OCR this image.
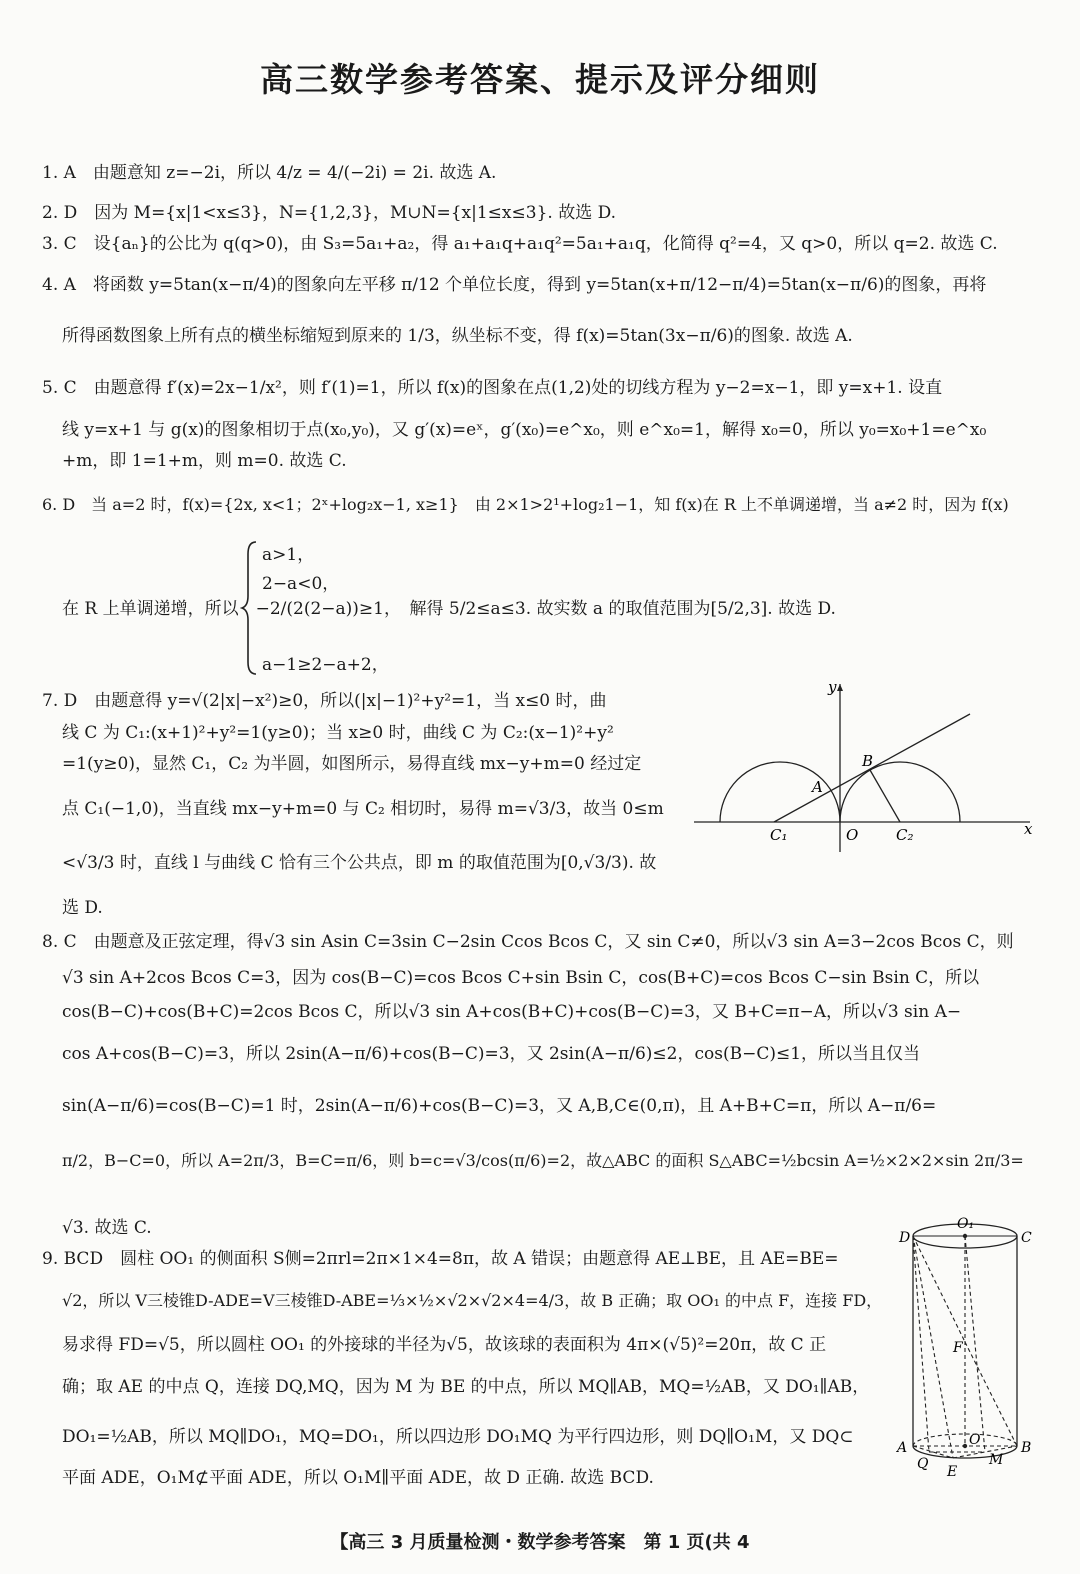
高三数学参考答案、提示及评分细则
1. A　由题意知 z=−2i，所以 4/z = 4/(−2i) = 2i. 故选 A.
2. D　因为 M={x|1<x≤3}，N={1,2,3}，M∪N={x|1≤x≤3}. 故选 D.
3. C　设{aₙ}的公比为 q(q>0)，由 S₃=5a₁+a₂，得 a₁+a₁q+a₁q²=5a₁+a₁q，化简得 q²=4，又 q>0，所以 q=2. 故选 C.
4. A　将函数 y=5tan(x−π/4)的图象向左平移 π/12 个单位长度，得到 y=5tan(x+π/12−π/4)=5tan(x−π/6)的图象，再将
所得函数图象上所有点的横坐标缩短到原来的 1/3，纵坐标不变，得 f(x)=5tan(3x−π/6)的图象. 故选 A.
5. C　由题意得 f′(x)=2x−1/x²，则 f′(1)=1，所以 f(x)的图象在点(1,2)处的切线方程为 y−2=x−1，即 y=x+1. 设直
线 y=x+1 与 g(x)的图象相切于点(x₀,y₀)，又 g′(x)=eˣ，g′(x₀)=e^x₀，则 e^x₀=1，解得 x₀=0，所以 y₀=x₀+1=e^x₀
+m，即 1=1+m，则 m=0. 故选 C.
6. D　当 a=2 时，f(x)={2x, x<1；2ˣ+log₂x−1, x≥1}　由 2×1>2¹+log₂1−1，知 f(x)在 R 上不单调递增，当 a≠2 时，因为 f(x)
a>1，
2−a<0，
在 R 上单调递增，所以　−2/(2(2−a))≥1，　解得 5/2≤a≤3. 故实数 a 的取值范围为[5/2,3]. 故选 D.
a−1≥2−a+2，
7. D　由题意得 y=√(2|x|−x²)≥0，所以(|x|−1)²+y²=1，当 x≤0 时，曲
线 C 为 C₁:(x+1)²+y²=1(y≥0)；当 x≥0 时，曲线 C 为 C₂:(x−1)²+y²
=1(y≥0)，显然 C₁，C₂ 为半圆，如图所示，易得直线 mx−y+m=0 经过定
点 C₁(−1,0)，当直线 mx−y+m=0 与 C₂ 相切时，易得 m=√3/3，故当 0≤m
<√3/3 时，直线 l 与曲线 C 恰有三个公共点，即 m 的取值范围为[0,√3/3). 故
选 D.
y
x
O
A
B
C₁	C₂
8. C　由题意及正弦定理，得√3 sin Asin C=3sin C−2sin Ccos Bcos C，又 sin C≠0，所以√3 sin A=3−2cos Bcos C，则
√3 sin A+2cos Bcos C=3，因为 cos(B−C)=cos Bcos C+sin Bsin C，cos(B+C)=cos Bcos C−sin Bsin C，所以
cos(B−C)+cos(B+C)=2cos Bcos C，所以√3 sin A+cos(B+C)+cos(B−C)=3，又 B+C=π−A，所以√3 sin A−
cos A+cos(B−C)=3，所以 2sin(A−π/6)+cos(B−C)=3，又 2sin(A−π/6)≤2，cos(B−C)≤1，所以当且仅当
sin(A−π/6)=cos(B−C)=1 时，2sin(A−π/6)+cos(B−C)=3，又 A,B,C∈(0,π)，且 A+B+C=π，所以 A−π/6=
π/2，B−C=0，所以 A=2π/3，B=C=π/6，则 b=c=√3/cos(π/6)=2，故△ABC 的面积 S△ABC=½bcsin A=½×2×2×sin 2π/3=
√3. 故选 C.
9. BCD　圆柱 OO₁ 的侧面积 S侧=2πrl=2π×1×4=8π，故 A 错误；由题意得 AE⊥BE，且 AE=BE=
√2，所以 V三棱锥D-ADE=V三棱锥D-ABE=⅓×½×√2×√2×4=4/3，故 B 正确；取 OO₁ 的中点 F，连接 FD，
易求得 FD=√5，所以圆柱 OO₁ 的外接球的半径为√5，故该球的表面积为 4π×(√5)²=20π，故 C 正
确；取 AE 的中点 Q，连接 DQ,MQ，因为 M 为 BE 的中点，所以 MQ∥AB，MQ=½AB，又 DO₁∥AB，
DO₁=½AB，所以 MQ∥DO₁，MQ=DO₁，所以四边形 DO₁MQ 为平行四边形，则 DQ∥O₁M，又 DQ⊂
平面 ADE，O₁M⊄平面 ADE，所以 O₁M∥平面 ADE，故 D 正确. 故选 BCD.
D
O₁
C
F
A	O	B
Q	M
E
【高三 3 月质量检测・数学参考答案　第 1 页(共 4
